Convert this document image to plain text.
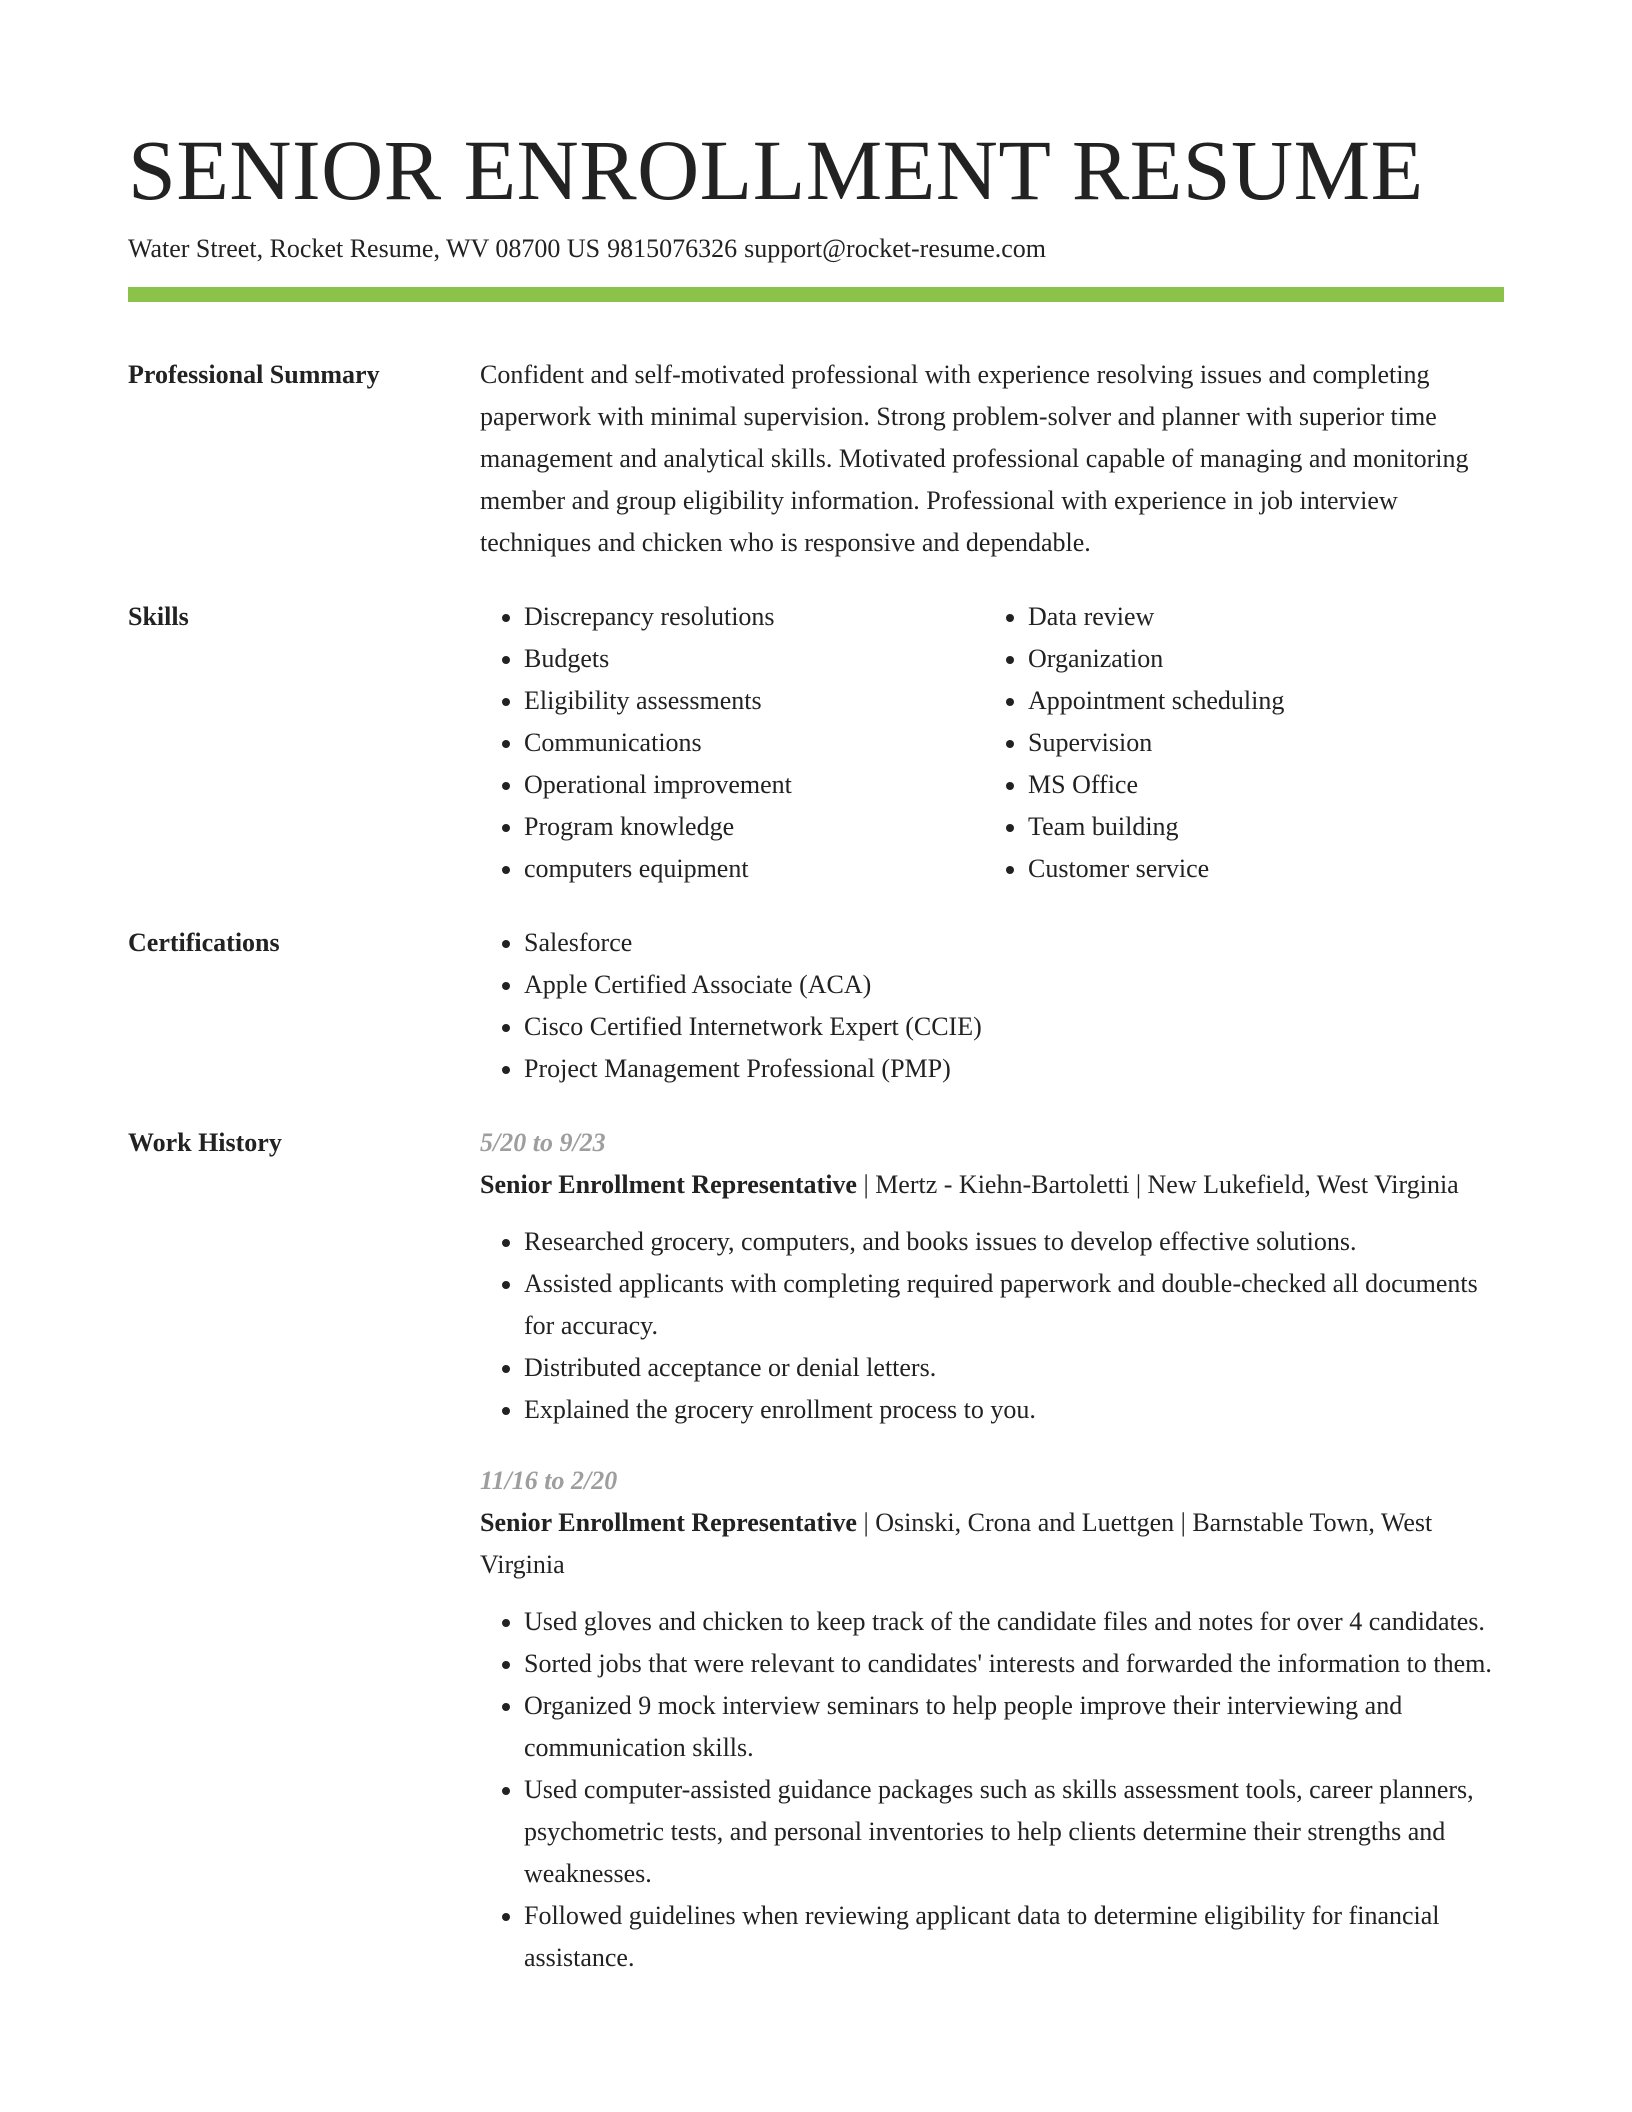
SENIOR ENROLLMENT RESUME
Water Street, Rocket Resume, WV 08700 US 9815076326 support@rocket-resume.com
Professional Summary	Confident and self-motivated professional with experience resolving issues and completing paperwork with minimal supervision. Strong problem-solver and planner with superior time management and analytical skills. Motivated professional capable of managing and monitoring member and group eligibility information. Professional with experience in job interview techniques and chicken who is responsive and dependable.
Skills	• Discrepancy resolutions
• Budgets
• Eligibility assessments
• Communications
• Operational improvement
• Program knowledge
• computers equipment
• Data review
• Organization
• Appointment scheduling
• Supervision
• MS Office
• Team building
• Customer service
Certifications	• Salesforce
• Apple Certified Associate (ACA)
• Cisco Certified Internetwork Expert (CCIE)
• Project Management Professional (PMP)
Work History	5/20 to 9/23
Senior Enrollment Representative | Mertz - Kiehn-Bartoletti | New Lukefield, West Virginia
• Researched grocery, computers, and books issues to develop effective solutions.
• Assisted applicants with completing required paperwork and double-checked all documents for accuracy.
• Distributed acceptance or denial letters.
• Explained the grocery enrollment process to you.
11/16 to 2/20
Senior Enrollment Representative | Osinski, Crona and Luettgen | Barnstable Town, West Virginia
• Used gloves and chicken to keep track of the candidate files and notes for over 4 candidates.
• Sorted jobs that were relevant to candidates' interests and forwarded the information to them.
• Organized 9 mock interview seminars to help people improve their interviewing and communication skills.
• Used computer-assisted guidance packages such as skills assessment tools, career planners, psychometric tests, and personal inventories to help clients determine their strengths and weaknesses.
• Followed guidelines when reviewing applicant data to determine eligibility for financial assistance.
